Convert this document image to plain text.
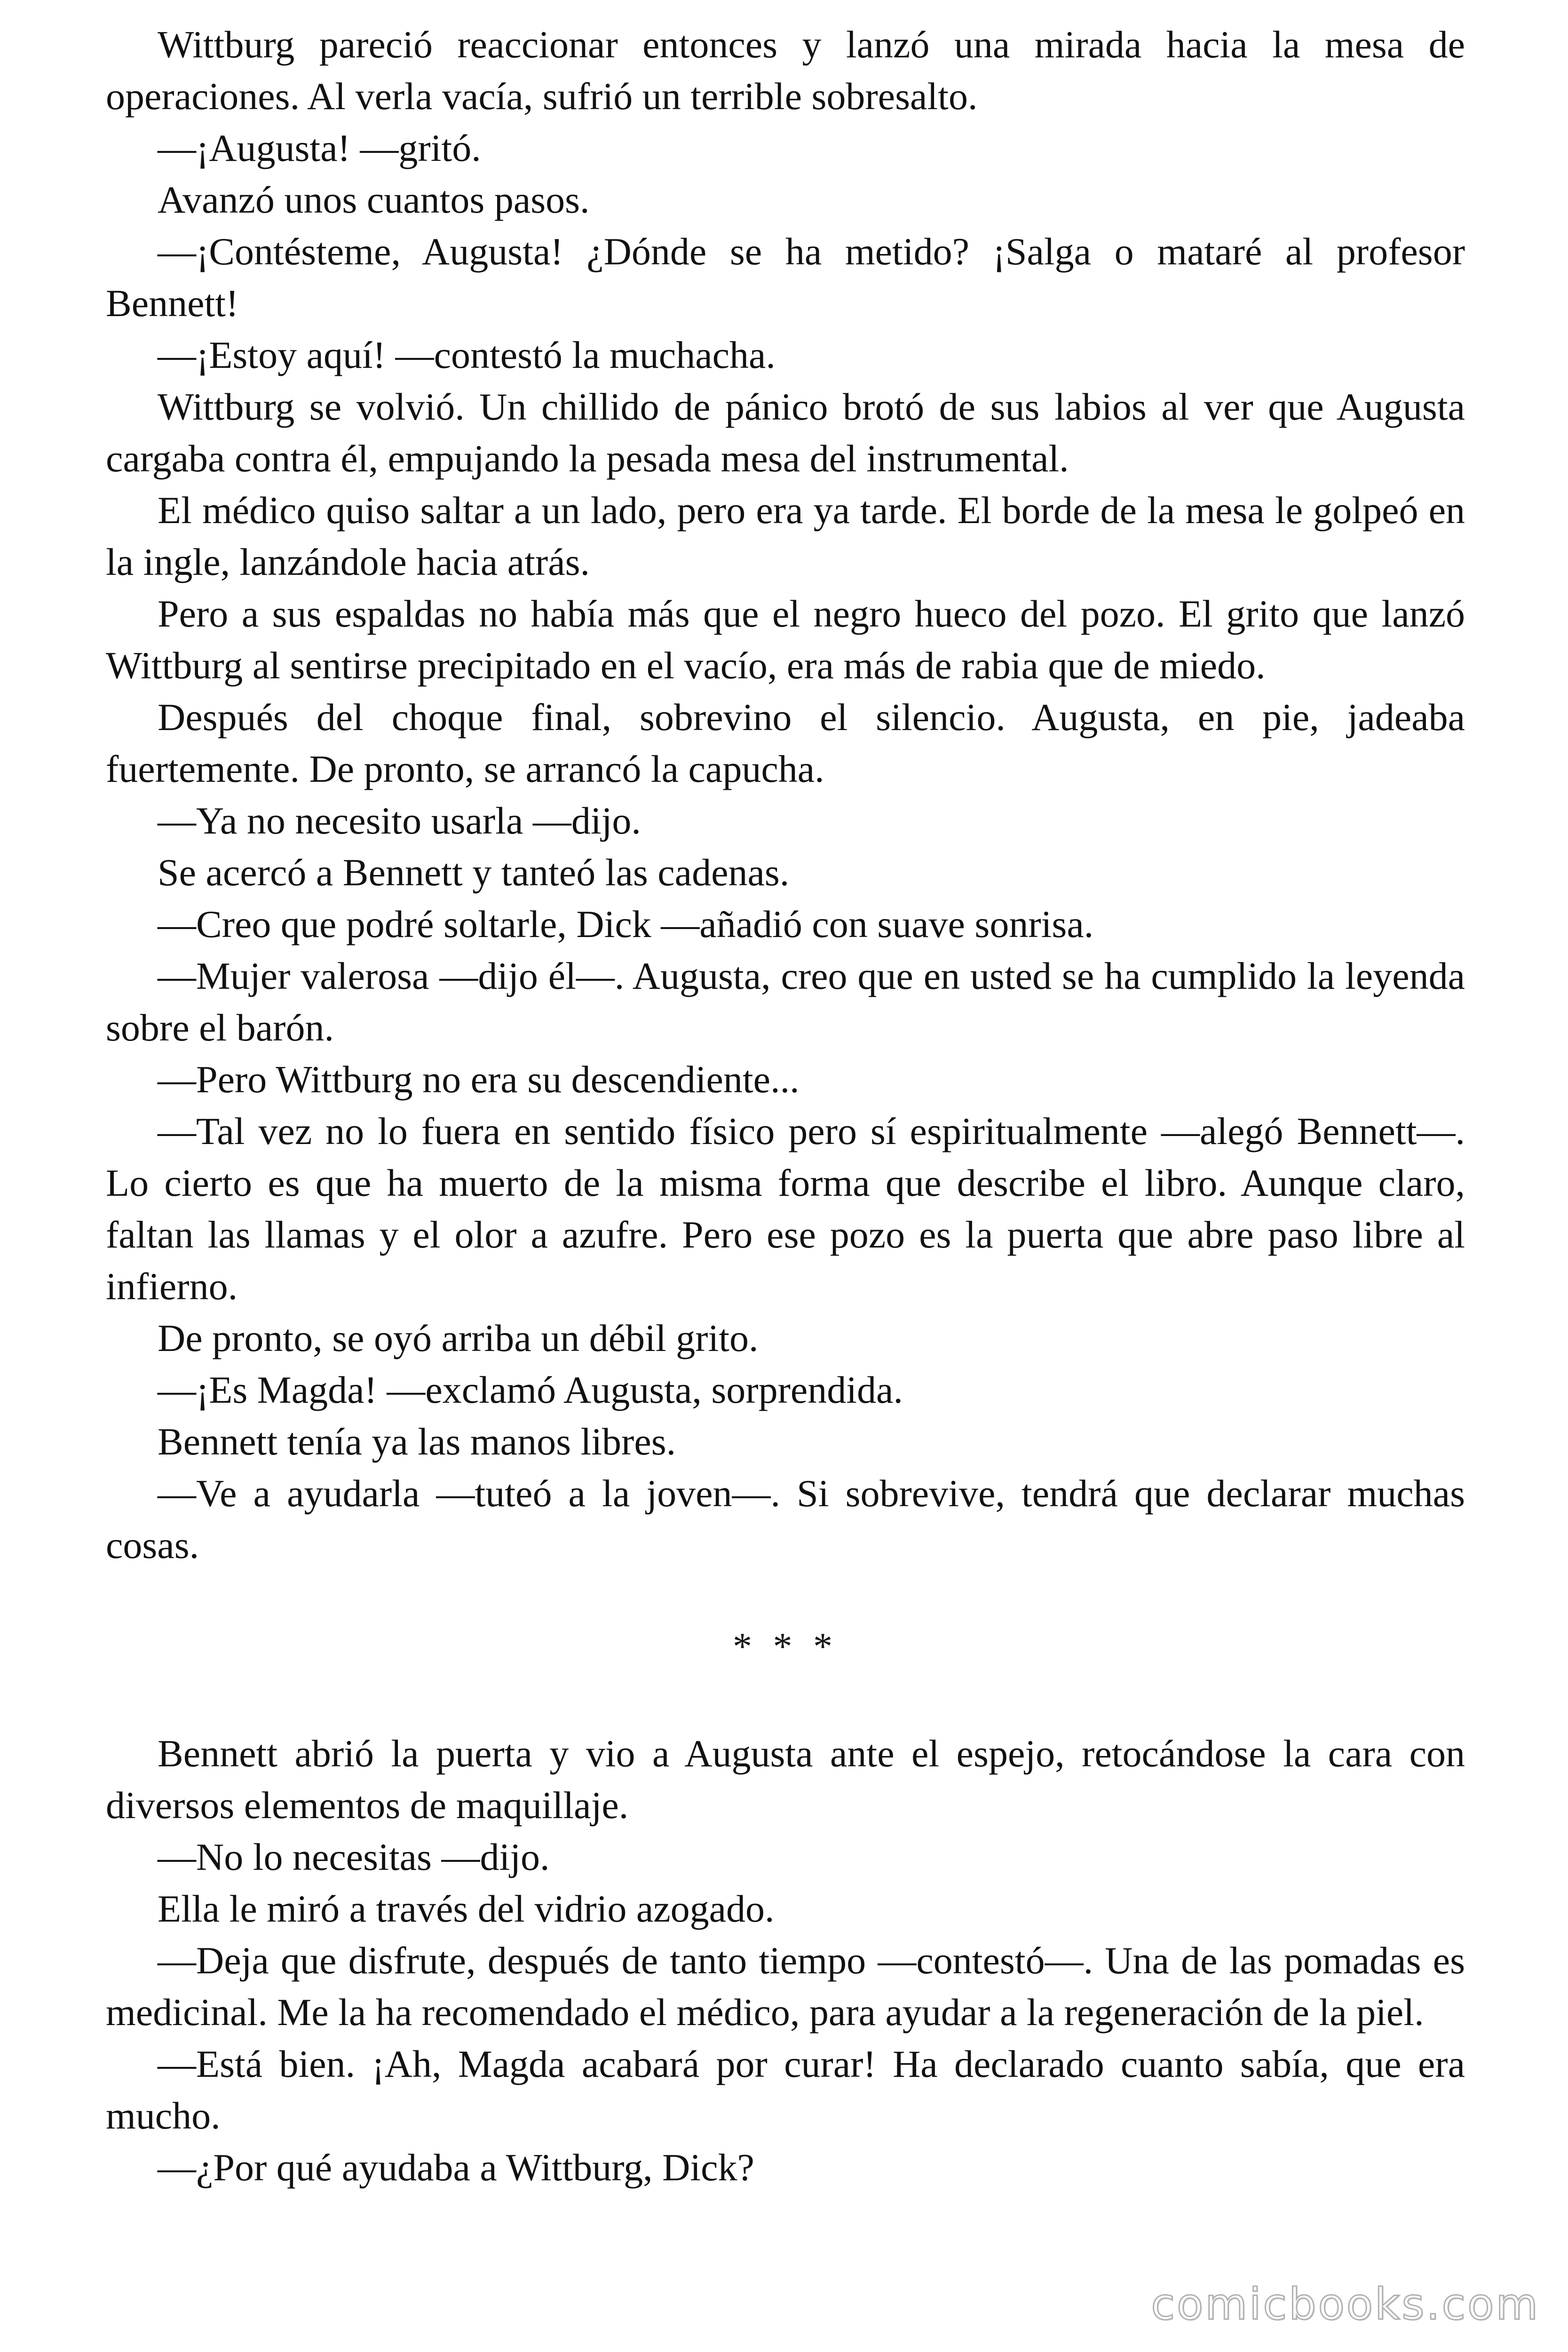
Wittburg pareció reaccionar entonces y lanzó una mirada hacia la mesa de operaciones. Al verla vacía, sufrió un terrible sobresalto.

—¡Augusta! —gritó.

Avanzó unos cuantos pasos.

—¡Contésteme, Augusta! ¿Dónde se ha metido? ¡Salga o mataré al profesor Bennett!

—¡Estoy aquí! —contestó la muchacha.

Wittburg se volvió. Un chillido de pánico brotó de sus labios al ver que Augusta cargaba contra él, empujando la pesada mesa del instrumental.

El médico quiso saltar a un lado, pero era ya tarde. El borde de la mesa le golpeó en la ingle, lanzándole hacia atrás.

Pero a sus espaldas no había más que el negro hueco del pozo. El grito que lanzó Wittburg al sentirse precipitado en el vacío, era más de rabia que de miedo.

Después del choque final, sobrevino el silencio. Augusta, en pie, jadeaba fuertemente. De pronto, se arrancó la capucha.

—Ya no necesito usarla —dijo.

Se acercó a Bennett y tanteó las cadenas.

—Creo que podré soltarle, Dick —añadió con suave sonrisa.

—Mujer valerosa —dijo él—. Augusta, creo que en usted se ha cumplido la leyenda sobre el barón.

—Pero Wittburg no era su descendiente...

—Tal vez no lo fuera en sentido físico pero sí espiritualmente —alegó Bennett—. Lo cierto es que ha muerto de la misma forma que describe el libro. Aunque claro, faltan las llamas y el olor a azufre. Pero ese pozo es la puerta que abre paso libre al infierno.

De pronto, se oyó arriba un débil grito.

—¡Es Magda! —exclamó Augusta, sorprendida.

Bennett tenía ya las manos libres.

—Ve a ayudarla —tuteó a la joven—. Si sobrevive, tendrá que declarar muchas cosas.

* * *

Bennett abrió la puerta y vio a Augusta ante el espejo, retocándose la cara con diversos elementos de maquillaje.

—No lo necesitas —dijo.

Ella le miró a través del vidrio azogado.

—Deja que disfrute, después de tanto tiempo —contestó—. Una de las pomadas es medicinal. Me la ha recomendado el médico, para ayudar a la regeneración de la piel.

—Está bien. ¡Ah, Magda acabará por curar! Ha declarado cuanto sabía, que era mucho.

—¿Por qué ayudaba a Wittburg, Dick?

comicbooks.com
